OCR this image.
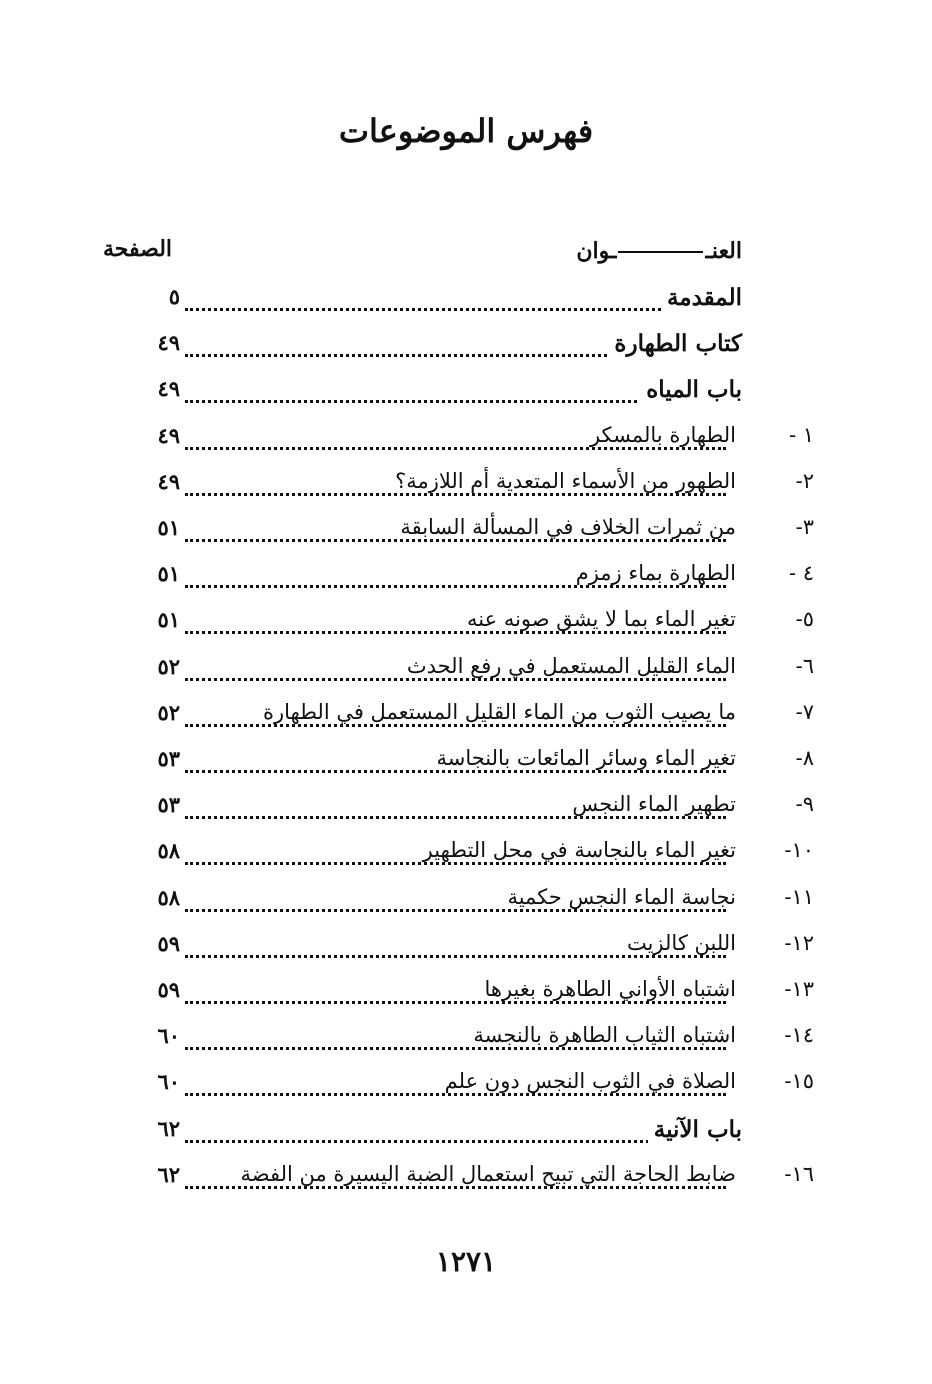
فهرس الموضوعات
العنــوان
الصفحة
المقدمة
٥
كتاب الطهارة
٤٩
باب المياه
٤٩
١ -
الطهارة بالمسكر
٤٩
٢-
الطهور من الأسماء المتعدية أم اللازمة؟
٤٩
٣-
من ثمرات الخلاف في المسألة السابقة
٥١
٤ -
الطهارة بماء زمزم
٥١
٥-
تغير الماء بما لا يشق صونه عنه
٥١
٦-
الماء القليل المستعمل في رفع الحدث
٥٢
٧-
ما يصيب الثوب من الماء القليل المستعمل في الطهارة
٥٢
٨-
تغير الماء وسائر المائعات بالنجاسة
٥٣
٩-
تطهير الماء النجس
٥٣
١٠-
تغير الماء بالنجاسة في محل التطهير
٥٨
١١-
نجاسة الماء النجس حكمية
٥٨
١٢-
اللبن كالزيت
٥٩
١٣-
اشتباه الأواني الطاهرة بغيرها
٥٩
١٤-
اشتباه الثياب الطاهرة بالنجسة
٦٠
١٥-
الصلاة في الثوب النجس دون علم
٦٠
باب الآنية
٦٢
١٦-
ضابط الحاجة التي تبيح استعمال الضبة اليسيرة من الفضة
٦٢
١٢٧١
